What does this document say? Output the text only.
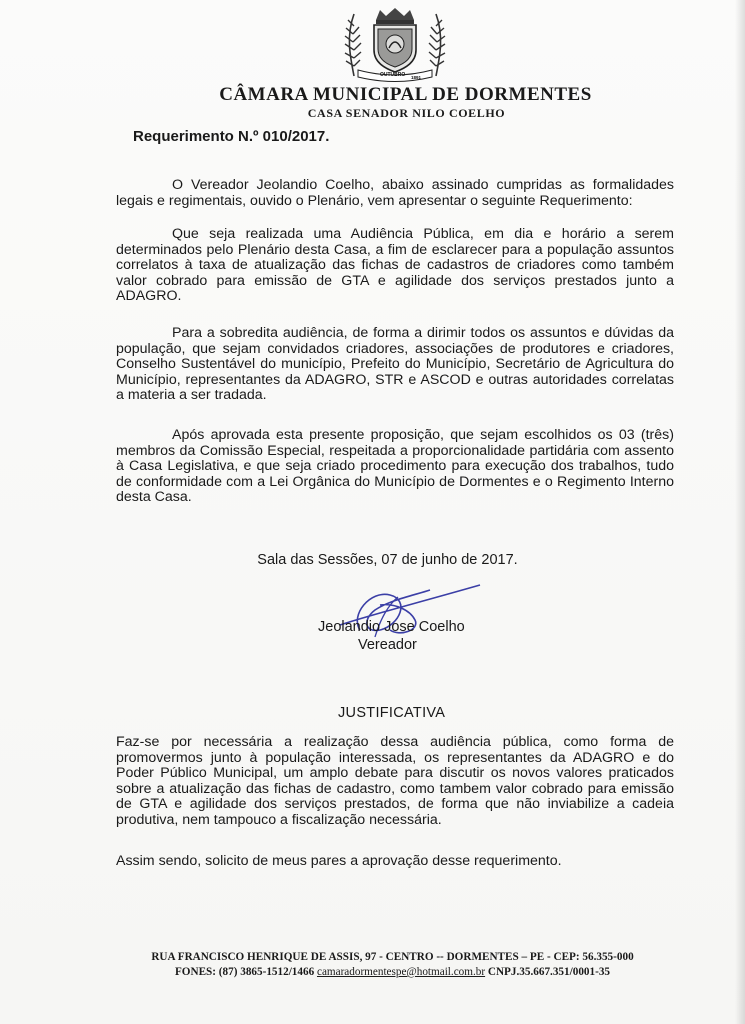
OUTUBRO 1891
CÂMARA MUNICIPAL DE DORMENTES
CASA SENADOR NILO COELHO
Requerimento N.º 010/2017.
O Vereador Jeolandio Coelho, abaixo assinado cumpridas as formalidades legais e regimentais, ouvido o Plenário, vem apresentar o seguinte Requerimento:
Que seja realizada uma Audiência Pública, em dia e horário a serem determinados pelo Plenário desta Casa, a fim de esclarecer para a população assuntos correlatos à taxa de atualização das fichas de cadastros de criadores como também valor cobrado para emissão de GTA e agilidade dos serviços prestados junto a ADAGRO.
Para a sobredita audiência, de forma a dirimir todos os assuntos e dúvidas da população, que sejam convidados criadores, associações de produtores e criadores, Conselho Sustentável do município, Prefeito do Município, Secretário de Agricultura do Município, representantes da ADAGRO, STR e ASCOD e outras autoridades correlatas a materia a ser tradada.
Após aprovada esta presente proposição, que sejam escolhidos os 03 (três) membros da Comissão Especial, respeitada a proporcionalidade partidária com assento à Casa Legislativa, e que seja criado procedimento para execução dos trabalhos, tudo de conformidade com a Lei Orgânica do Município de Dormentes e o Regimento Interno desta Casa.
Sala das Sessões, 07 de junho de 2017.
Jeolandio Jose Coelho
Vereador
JUSTIFICATIVA
Faz-se por necessária a realização dessa audiência pública, como forma de promovermos junto à população interessada, os representantes da ADAGRO e do Poder Público Municipal, um amplo debate para discutir os novos valores praticados sobre a atualização das fichas de cadastro, como tambem valor cobrado para emissão de GTA e agilidade dos serviços prestados, de forma que não inviabilize a cadeia produtiva, nem tampouco a fiscalização necessária.
Assim sendo, solicito de meus pares a aprovação desse requerimento.
RUA FRANCISCO HENRIQUE DE ASSIS, 97 - CENTRO -- DORMENTES – PE - CEP: 56.355-000
FONES: (87) 3865-1512/1466 camaradormentespe@hotmail.com.br CNPJ.35.667.351/0001-35
